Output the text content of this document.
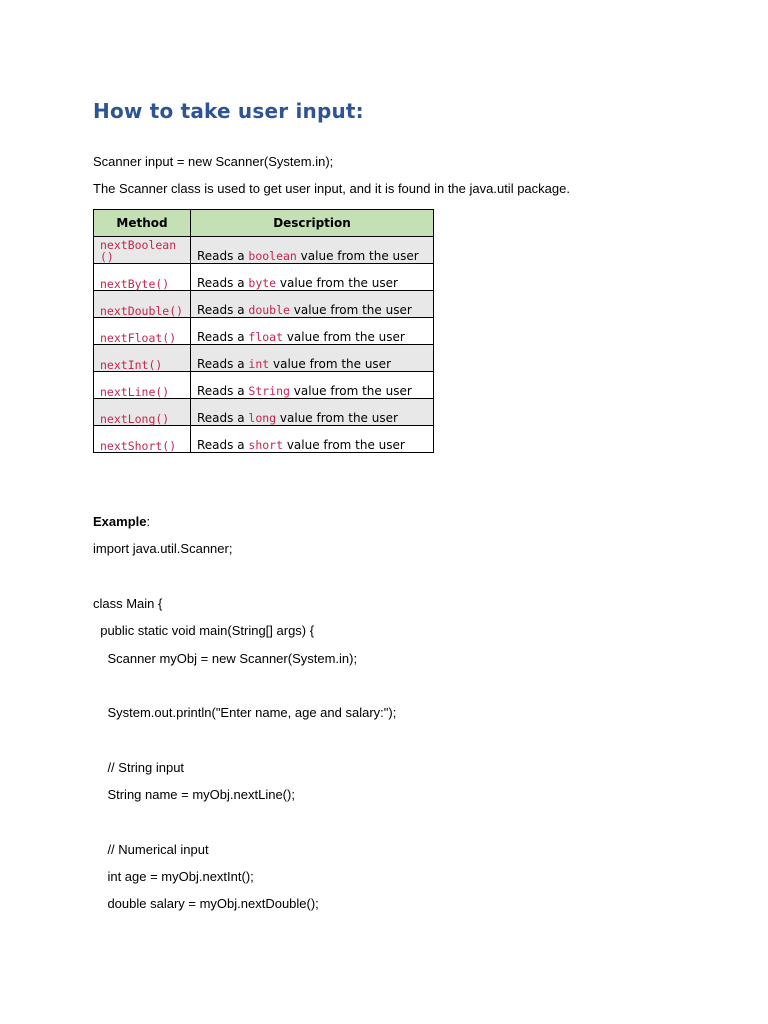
How to take user input:

Scanner input = new Scanner(System.in);

The Scanner class is used to get user input, and it is found in the java.util package.

Method	Description
nextBoolean()	Reads a boolean value from the user
nextByte()	Reads a byte value from the user
nextDouble()	Reads a double value from the user
nextFloat()	Reads a float value from the user
nextInt()	Reads a int value from the user
nextLine()	Reads a String value from the user
nextLong()	Reads a long value from the user
nextShort()	Reads a short value from the user

Example:

import java.util.Scanner;

class Main {

public static void main(String[] args) {

Scanner myObj = new Scanner(System.in);

System.out.println("Enter name, age and salary:");

// String input

String name = myObj.nextLine();

// Numerical input

int age = myObj.nextInt();

double salary = myObj.nextDouble();
